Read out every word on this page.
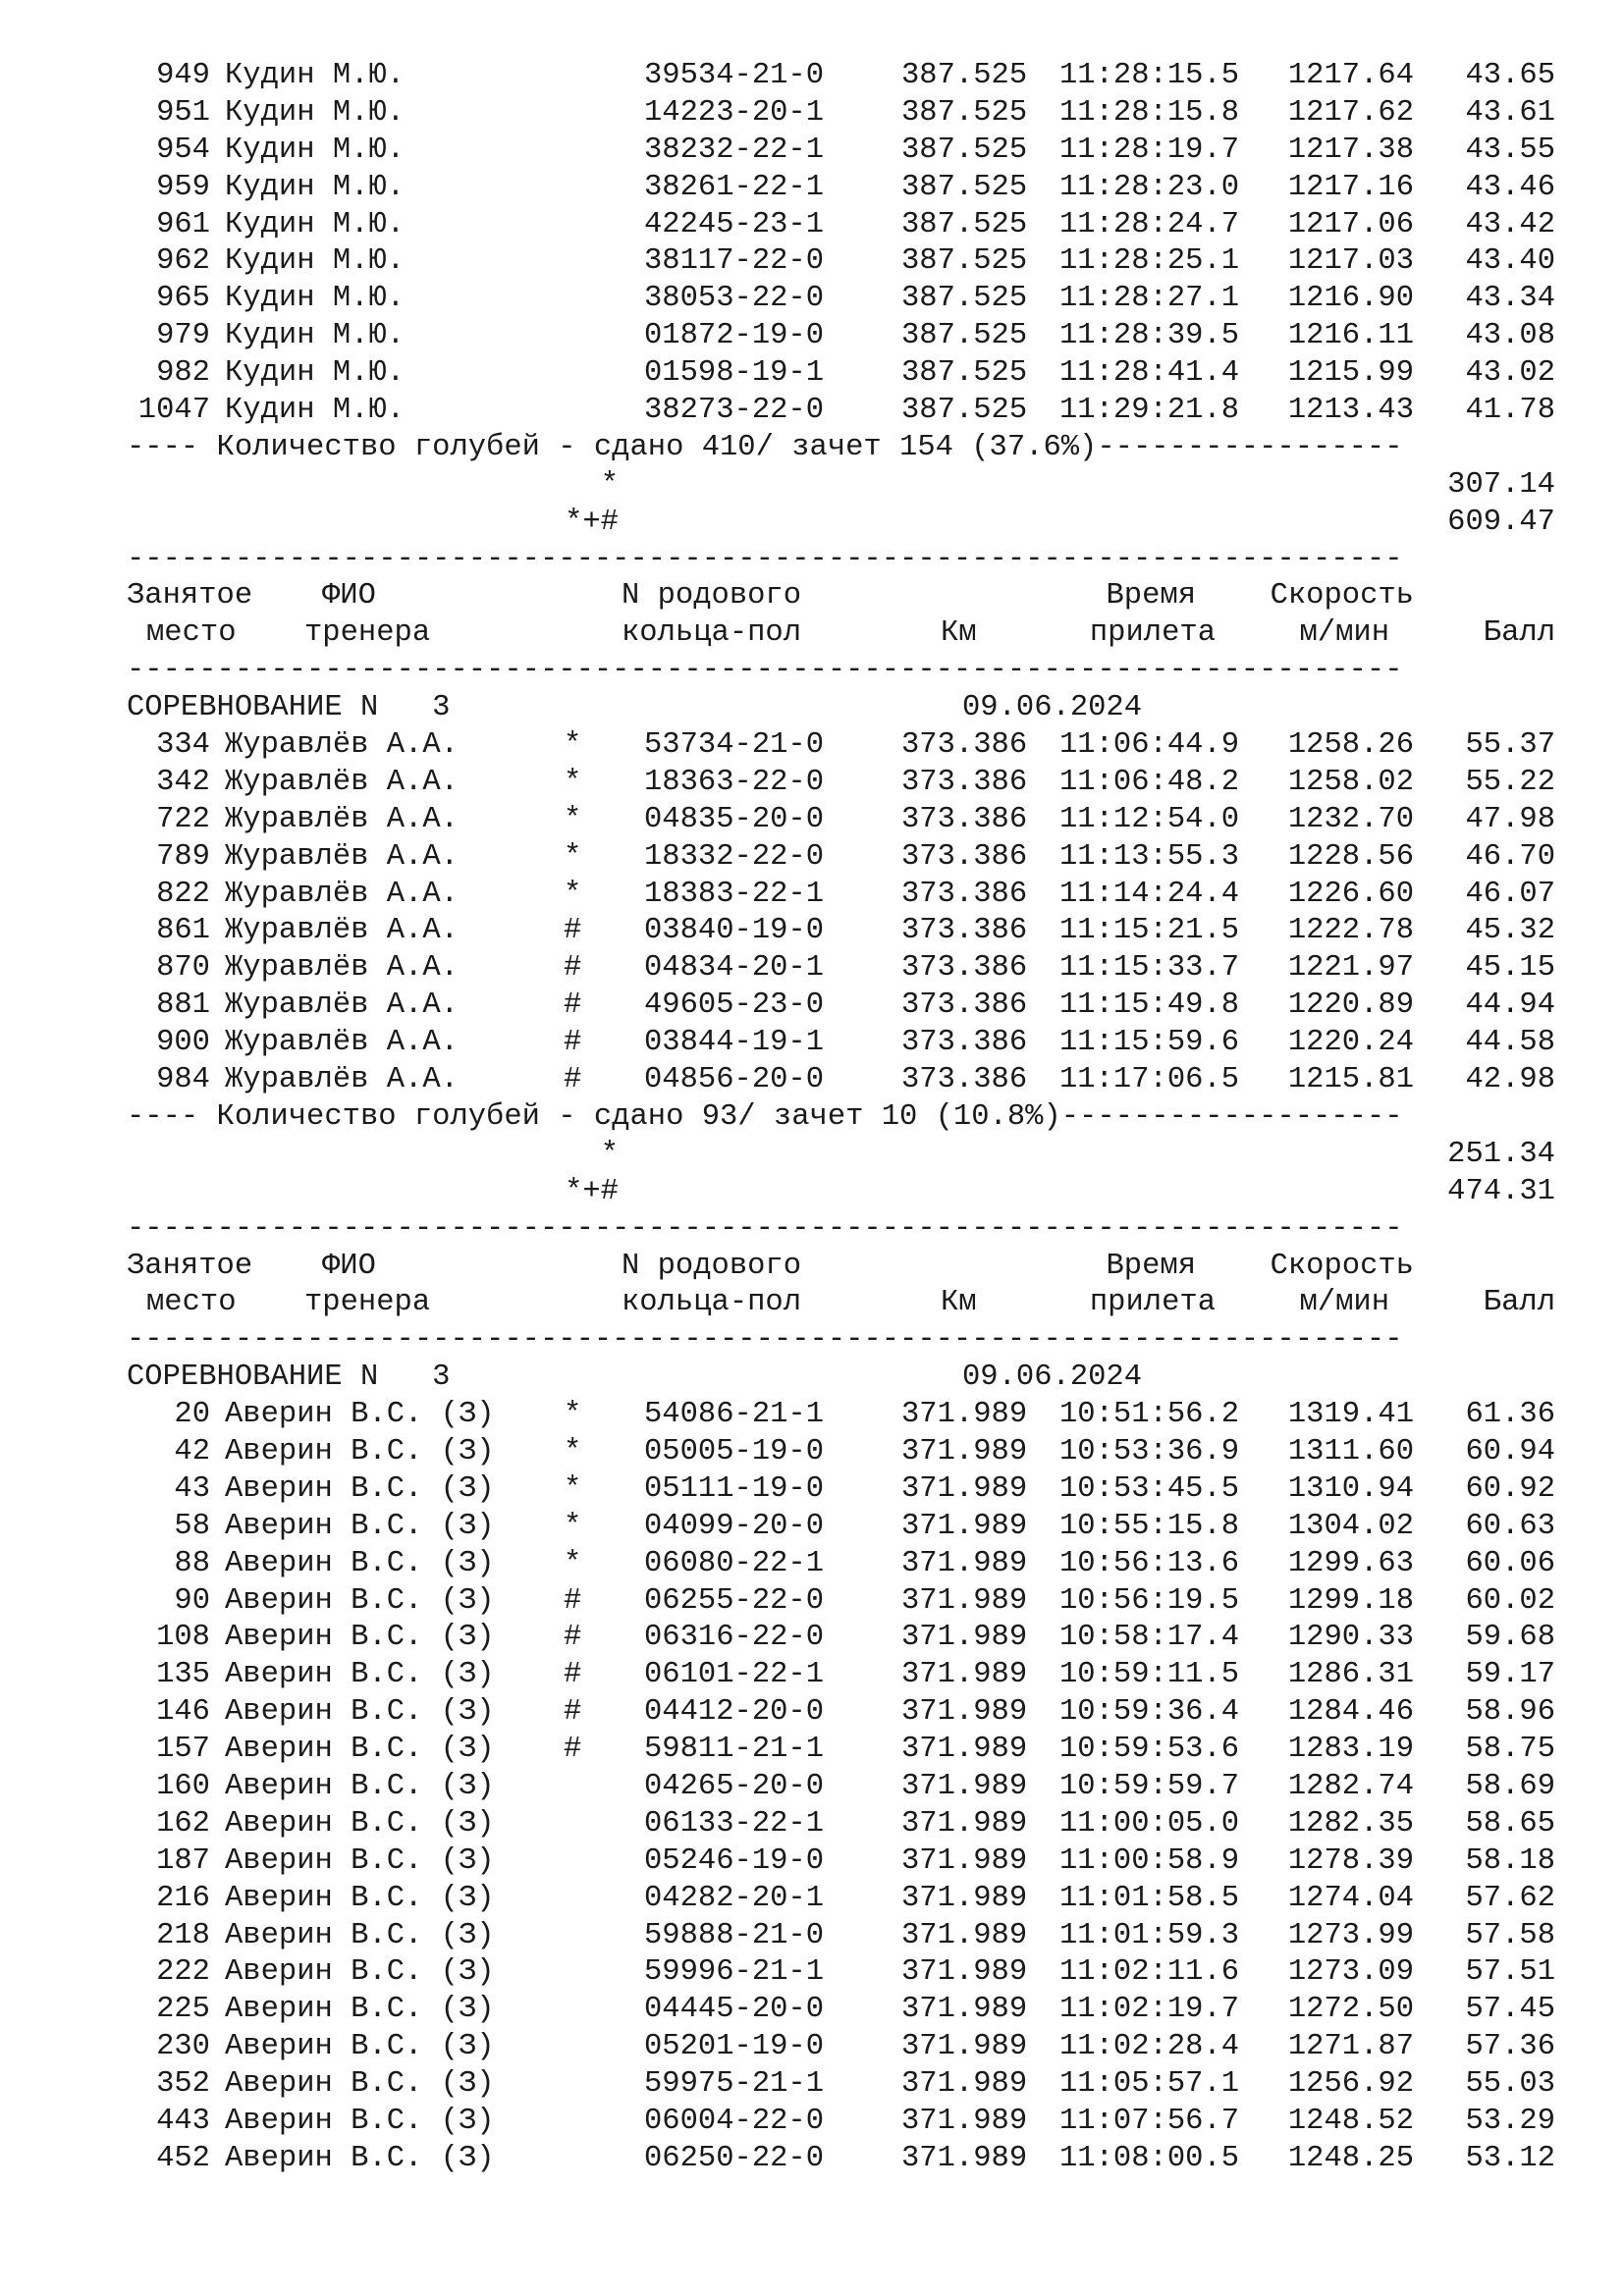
949 Кудин М.Ю.	39534-21-0	387.525 11:28:15.5 1217.64 43.65
951 Кудин М.Ю.	14223-20-1	387.525 11:28:15.8 1217.62 43.61
954 Кудин М.Ю.	38232-22-1	387.525 11:28:19.7 1217.38 43.55
959 Кудин М.Ю.	38261-22-1	387.525 11:28:23.0 1217.16 43.46
961 Кудин М.Ю.	42245-23-1	387.525 11:28:24.7 1217.06 43.42
962 Кудин М.Ю.	38117-22-0	387.525 11:28:25.1 1217.03 43.40
965 Кудин М.Ю.	38053-22-0	387.525 11:28:27.1 1216.90 43.34
979 Кудин М.Ю.	01872-19-0	387.525 11:28:39.5 1216.11 43.08
982 Кудин М.Ю.	01598-19-1	387.525 11:28:41.4 1215.99 43.02
1047 Кудин М.Ю.	38273-22-0	387.525 11:29:21.8 1213.43 41.78
---- Количество голубей - сдано 410/ зачет 154 (37.6%)-----------------
*	307.14
*+#	609.47
-----------------------------------------------------------------------
Занятое ФИО	N родового	Время Скорость
место тренера	кольца-пол	Км	прилета	м/мин	Балл
-----------------------------------------------------------------------
СОРЕВНОВАНИЕ N   3	09.06.2024
334 Журавлёв А.А.	* 53734-21-0	373.386 11:06:44.9 1258.26 55.37
342 Журавлёв А.А.	* 18363-22-0	373.386 11:06:48.2 1258.02 55.22
722 Журавлёв А.А.	* 04835-20-0	373.386 11:12:54.0 1232.70 47.98
789 Журавлёв А.А.	* 18332-22-0	373.386 11:13:55.3 1228.56 46.70
822 Журавлёв А.А.	* 18383-22-1	373.386 11:14:24.4 1226.60 46.07
861 Журавлёв А.А.	# 03840-19-0	373.386 11:15:21.5 1222.78 45.32
870 Журавлёв А.А.	# 04834-20-1	373.386 11:15:33.7 1221.97 45.15
881 Журавлёв А.А.	# 49605-23-0	373.386 11:15:49.8 1220.89 44.94
900 Журавлёв А.А.	# 03844-19-1	373.386 11:15:59.6 1220.24 44.58
984 Журавлёв А.А.	# 04856-20-0	373.386 11:17:06.5 1215.81 42.98
---- Количество голубей - сдано 93/ зачет 10 (10.8%)-------------------
*	251.34
*+#	474.31
-----------------------------------------------------------------------
Занятое ФИО	N родового	Время Скорость
место тренера	кольца-пол	Км	прилета	м/мин	Балл
-----------------------------------------------------------------------
СОРЕВНОВАНИЕ N   3	09.06.2024
20 Аверин В.С. (З) * 54086-21-1	371.989 10:51:56.2 1319.41 61.36
42 Аверин В.С. (З) * 05005-19-0	371.989 10:53:36.9 1311.60 60.94
43 Аверин В.С. (З) * 05111-19-0	371.989 10:53:45.5 1310.94 60.92
58 Аверин В.С. (З) * 04099-20-0	371.989 10:55:15.8 1304.02 60.63
88 Аверин В.С. (З) * 06080-22-1	371.989 10:56:13.6 1299.63 60.06
90 Аверин В.С. (З) # 06255-22-0	371.989 10:56:19.5 1299.18 60.02
108 Аверин В.С. (З) # 06316-22-0	371.989 10:58:17.4 1290.33 59.68
135 Аверин В.С. (З) # 06101-22-1	371.989 10:59:11.5 1286.31 59.17
146 Аверин В.С. (З) # 04412-20-0	371.989 10:59:36.4 1284.46 58.96
157 Аверин В.С. (З) # 59811-21-1	371.989 10:59:53.6 1283.19 58.75
160 Аверин В.С. (З)	04265-20-0	371.989 10:59:59.7 1282.74 58.69
162 Аверин В.С. (З)	06133-22-1	371.989 11:00:05.0 1282.35 58.65
187 Аверин В.С. (З)	05246-19-0	371.989 11:00:58.9 1278.39 58.18
216 Аверин В.С. (З)	04282-20-1	371.989 11:01:58.5 1274.04 57.62
218 Аверин В.С. (З)	59888-21-0	371.989 11:01:59.3 1273.99 57.58
222 Аверин В.С. (З)	59996-21-1	371.989 11:02:11.6 1273.09 57.51
225 Аверин В.С. (З)	04445-20-0	371.989 11:02:19.7 1272.50 57.45
230 Аверин В.С. (З)	05201-19-0	371.989 11:02:28.4 1271.87 57.36
352 Аверин В.С. (З)	59975-21-1	371.989 11:05:57.1 1256.92 55.03
443 Аверин В.С. (З)	06004-22-0	371.989 11:07:56.7 1248.52 53.29
452 Аверин В.С. (З)	06250-22-0	371.989 11:08:00.5 1248.25 53.12
